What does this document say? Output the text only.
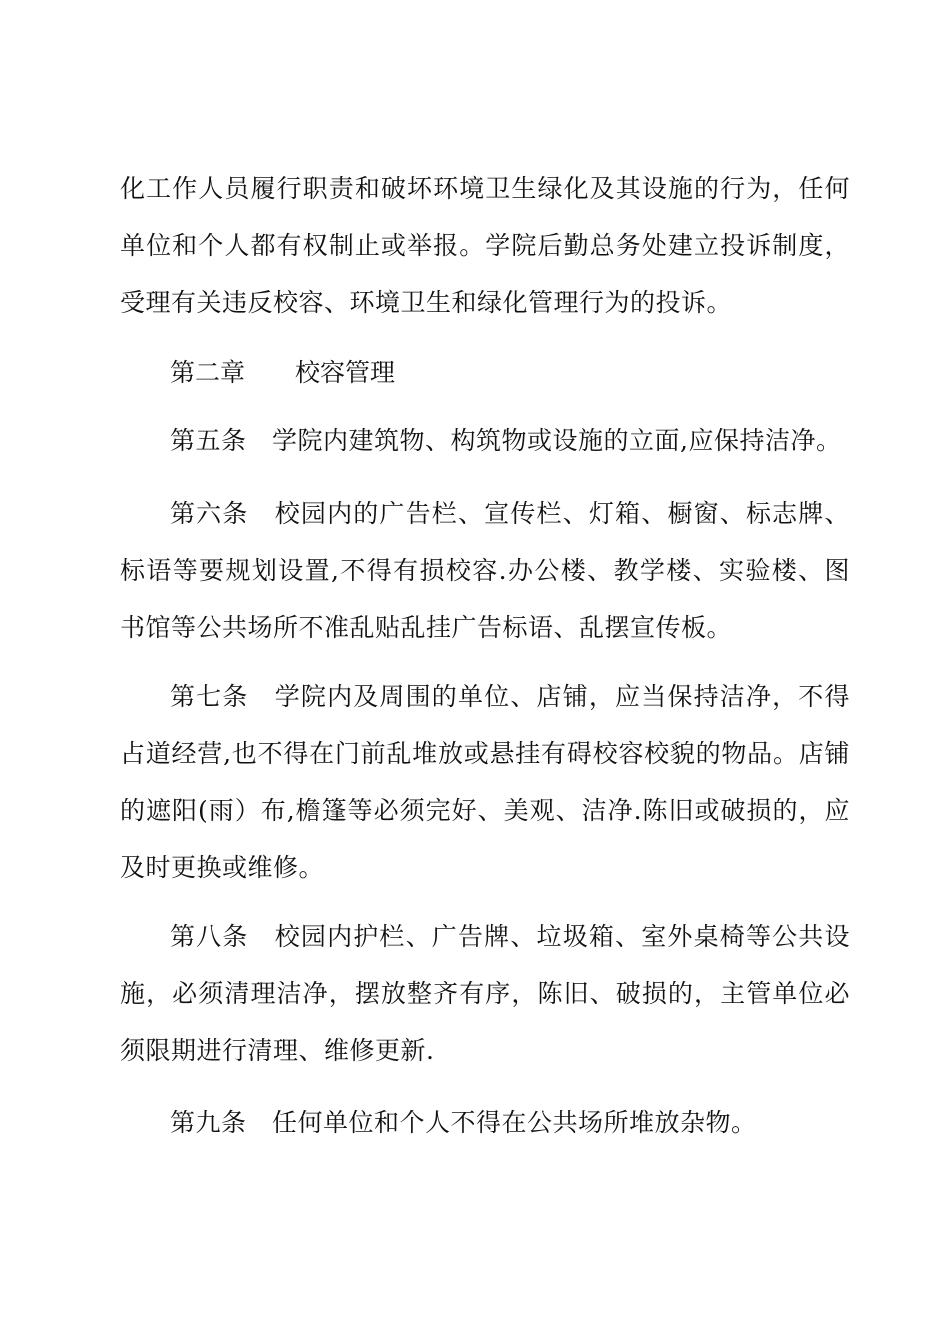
化工作人员履行职责和破坏环境卫生绿化及其设施的行为，任何单位和个人都有权制止或举报。学院后勤总务处建立投诉制度，受理有关违反校容、环境卫生和绿化管理行为的投诉。

第二章　　校容管理

第五条　学院内建筑物、构筑物或设施的立面,应保持洁净。

第六条　校园内的广告栏、宣传栏、灯箱、橱窗、标志牌、标语等要规划设置,不得有损校容.办公楼、教学楼、实验楼、图书馆等公共场所不准乱贴乱挂广告标语、乱摆宣传板。

第七条　学院内及周围的单位、店铺，应当保持洁净，不得占道经营,也不得在门前乱堆放或悬挂有碍校容校貌的物品。店铺的遮阳(雨）布,檐篷等必须完好、美观、洁净.陈旧或破损的，应及时更换或维修。

第八条　校园内护栏、广告牌、垃圾箱、室外桌椅等公共设施，必须清理洁净，摆放整齐有序，陈旧、破损的，主管单位必须限期进行清理、维修更新.

第九条　任何单位和个人不得在公共场所堆放杂物。
